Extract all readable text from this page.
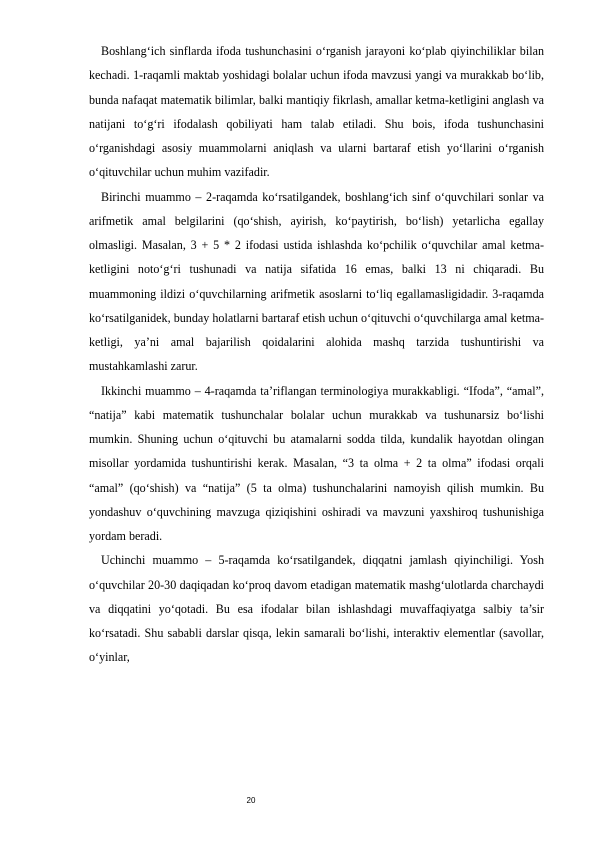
Boshlang‘ich sinflarda ifoda tushunchasini o‘rganish jarayoni ko‘plab qiyinchiliklar bilan kechadi. 1-raqamli maktab yoshidagi bolalar uchun ifoda mavzusi yangi va murakkab bo‘lib, bunda nafaqat matematik bilimlar, balki mantiqiy fikrlash, amallar ketma-ketligini anglash va natijani to‘g‘ri ifodalash qobiliyati ham talab etiladi. Shu bois, ifoda tushunchasini o‘rganishdagi asosiy muammolarni aniqlash va ularni bartaraf etish yo‘llarini o‘rganish o‘qituvchilar uchun muhim vazifadir.

Birinchi muammo – 2-raqamda ko‘rsatilgandek, boshlang‘ich sinf o‘quvchilari sonlar va arifmetik amal belgilarini (qo‘shish, ayirish, ko‘paytirish, bo‘lish) yetarlicha egallay olmasligi. Masalan, 3 + 5 * 2 ifodasi ustida ishlashda ko‘pchilik o‘quvchilar amal ketma-ketligini noto‘g‘ri tushunadi va natija sifatida 16 emas, balki 13 ni chiqaradi. Bu muammoning ildizi o‘quvchilarning arifmetik asoslarni to‘liq egallamasligidadir. 3-raqamda ko‘rsatilganidek, bunday holatlarni bartaraf etish uchun o‘qituvchi o‘quvchilarga amal ketma-ketligi, ya’ni amal bajarilish qoidalarini alohida mashq tarzida tushuntirishi va mustahkamlashi zarur.

Ikkinchi muammo – 4-raqamda ta’riflangan terminologiya murakkabligi. “Ifoda”, “amal”, “natija” kabi matematik tushunchalar bolalar uchun murakkab va tushunarsiz bo‘lishi mumkin. Shuning uchun o‘qituvchi bu atamalarni sodda tilda, kundalik hayotdan olingan misollar yordamida tushuntirishi kerak. Masalan, “3 ta olma + 2 ta olma” ifodasi orqali “amal” (qo‘shish) va “natija” (5 ta olma) tushunchalarini namoyish qilish mumkin. Bu yondashuv o‘quvchining mavzuga qiziqishini oshiradi va mavzuni yaxshiroq tushunishiga yordam beradi.

Uchinchi muammo – 5-raqamda ko‘rsatilgandek, diqqatni jamlash qiyinchiligi. Yosh o‘quvchilar 20-30 daqiqadan ko‘proq davom etadigan matematik mashg‘ulotlarda charchaydi va diqqatini yo‘qotadi. Bu esa ifodalar bilan ishlashdagi muvaffaqiyatga salbiy ta’sir ko‘rsatadi. Shu sababli darslar qisqa, lekin samarali bo‘lishi, interaktiv elementlar (savollar, o‘yinlar,

20
